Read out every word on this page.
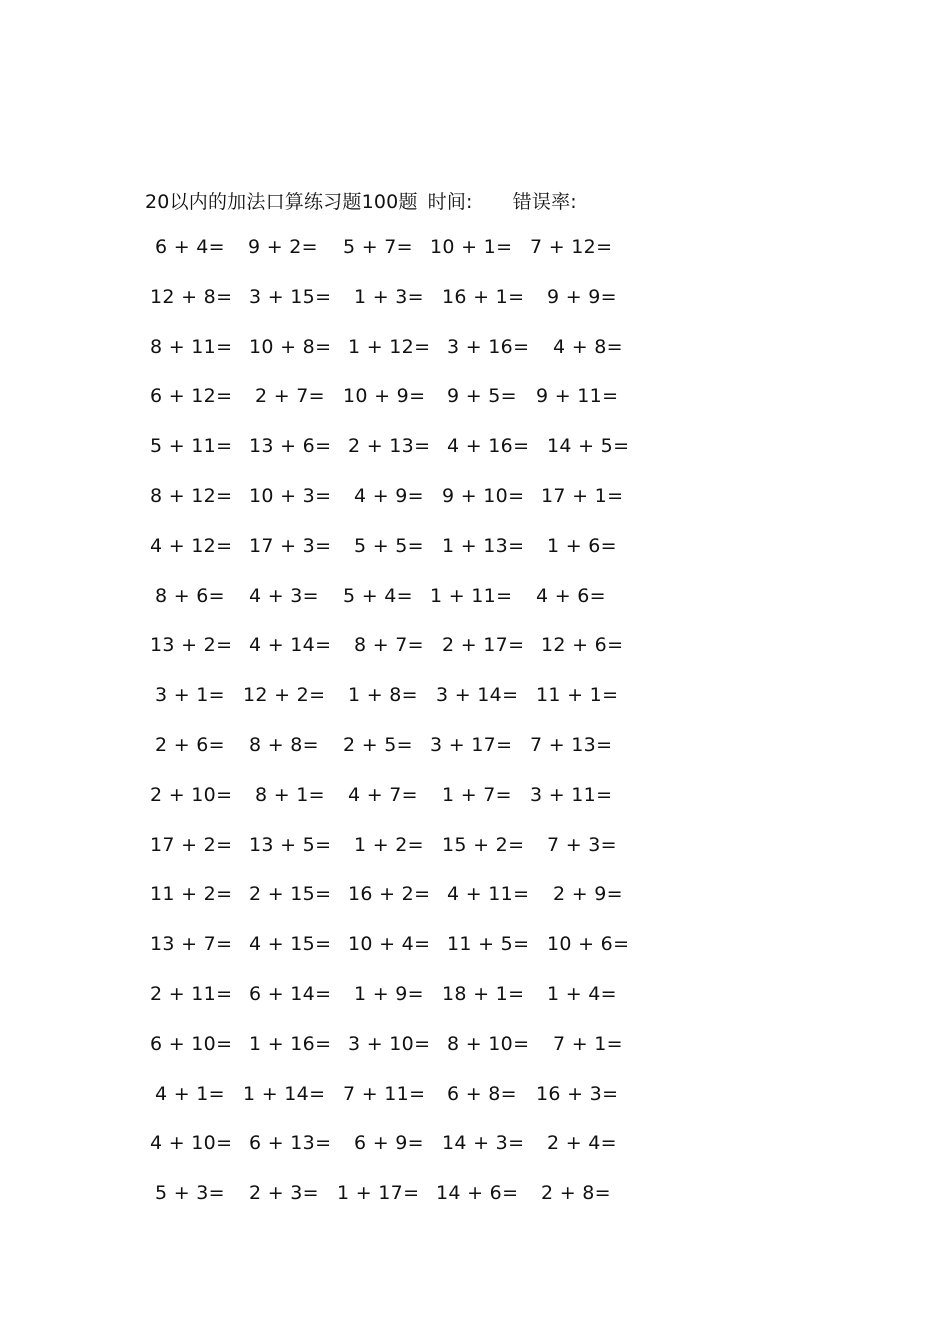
20以内的加法口算练习题100题 时间: 错误率:
6 + 4= 9 + 2= 5 + 7= 10 + 1= 7 + 12=
12 + 8= 3 + 15= 1 + 3= 16 + 1= 9 + 9=
8 + 11= 10 + 8= 1 + 12= 3 + 16= 4 + 8=
6 + 12= 2 + 7= 10 + 9= 9 + 5= 9 + 11=
5 + 11= 13 + 6= 2 + 13= 4 + 16= 14 + 5=
8 + 12= 10 + 3= 4 + 9= 9 + 10= 17 + 1=
4 + 12= 17 + 3= 5 + 5= 1 + 13= 1 + 6=
8 + 6= 4 + 3= 5 + 4= 1 + 11= 4 + 6=
13 + 2= 4 + 14= 8 + 7= 2 + 17= 12 + 6=
3 + 1= 12 + 2= 1 + 8= 3 + 14= 11 + 1=
2 + 6= 8 + 8= 2 + 5= 3 + 17= 7 + 13=
2 + 10= 8 + 1= 4 + 7= 1 + 7= 3 + 11=
17 + 2= 13 + 5= 1 + 2= 15 + 2= 7 + 3=
11 + 2= 2 + 15= 16 + 2= 4 + 11= 2 + 9=
13 + 7= 4 + 15= 10 + 4= 11 + 5= 10 + 6=
2 + 11= 6 + 14= 1 + 9= 18 + 1= 1 + 4=
6 + 10= 1 + 16= 3 + 10= 8 + 10= 7 + 1=
4 + 1= 1 + 14= 7 + 11= 6 + 8= 16 + 3=
4 + 10= 6 + 13= 6 + 9= 14 + 3= 2 + 4=
5 + 3= 2 + 3= 1 + 17= 14 + 6= 2 + 8=
